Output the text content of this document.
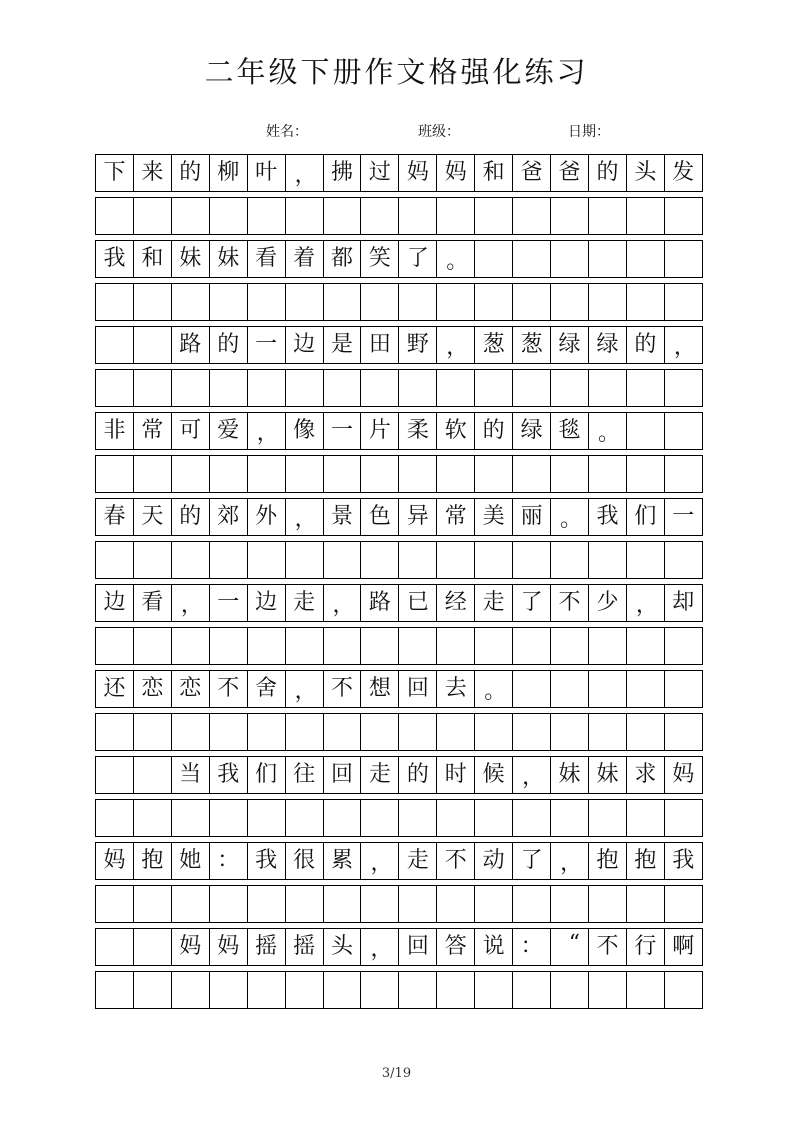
二年级下册作文格强化练习
姓名：	班级：	日期：
下 来 的 柳 叶 ， 拂 过 妈 妈 和 爸 爸 的 头 发
我 和 妹 妹 看 着 都 笑 了 。
路 的 一 边 是 田 野 ， 葱 葱 绿 绿 的 ，
非 常 可 爱 ， 像 一 片 柔 软 的 绿 毯 。
春 天 的 郊 外 ， 景 色 异 常 美 丽 。 我 们 一
边 看 ， 一 边 走 ， 路 已 经 走 了 不 少 ， 却
还 恋 恋 不 舍 ， 不 想 回 去 。
当 我 们 往 回 走 的 时 候 ， 妹 妹 求 妈
妈 抱 她 ： 我 很 累 ， 走 不 动 了 ， 抱 抱 我
妈 妈 摇 摇 头 ， 回 答 说 ：	“ 不 行 啊
3/19
